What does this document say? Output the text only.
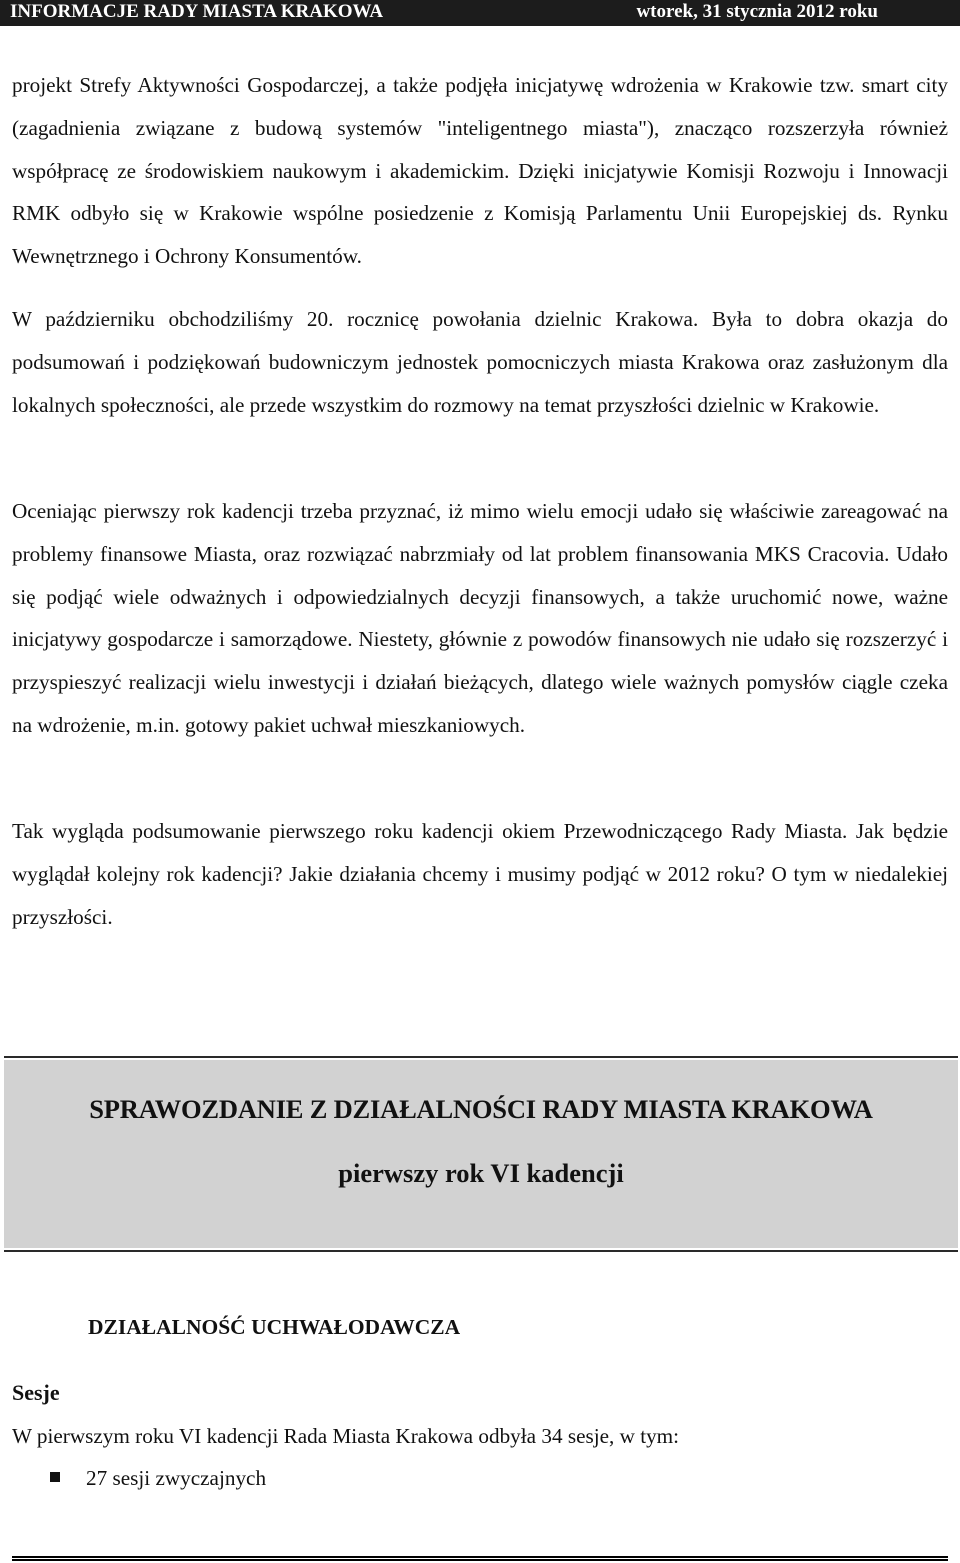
INFORMACJE RADY MIASTA KRAKOWA	wtorek, 31 stycznia 2012 roku

projekt Strefy Aktywności Gospodarczej, a także podjęła inicjatywę wdrożenia w Krakowie tzw. smart city (zagadnienia związane z budową systemów "inteligentnego miasta"), znacząco rozszerzyła również współpracę ze środowiskiem naukowym i akademickim. Dzięki inicjatywie Komisji Rozwoju i Innowacji RMK odbyło się w Krakowie wspólne posiedzenie z Komisją Parlamentu Unii Europejskiej ds. Rynku Wewnętrznego i Ochrony Konsumentów.

W październiku obchodziliśmy 20. rocznicę powołania dzielnic Krakowa. Była to dobra okazja do podsumowań i podziękowań budowniczym jednostek pomocniczych miasta Krakowa oraz zasłużonym dla lokalnych społeczności, ale przede wszystkim do rozmowy na temat przyszłości dzielnic w Krakowie.

Oceniając pierwszy rok kadencji trzeba przyznać, iż mimo wielu emocji udało się właściwie zareagować na problemy finansowe Miasta, oraz rozwiązać nabrzmiały od lat problem finansowania MKS Cracovia. Udało się podjąć wiele odważnych i odpowiedzialnych decyzji finansowych, a także uruchomić nowe, ważne inicjatywy gospodarcze i samorządowe. Niestety, głównie z powodów finansowych nie udało się rozszerzyć i przyspieszyć realizacji wielu inwestycji i działań bieżących, dlatego wiele ważnych pomysłów ciągle czeka na wdrożenie, m.in. gotowy pakiet uchwał mieszkaniowych.

Tak wygląda podsumowanie pierwszego roku kadencji okiem Przewodniczącego Rady Miasta. Jak będzie wyglądał kolejny rok kadencji? Jakie działania chcemy i musimy podjąć w 2012 roku? O tym w niedalekiej przyszłości.

SPRAWOZDANIE Z DZIAŁALNOŚCI RADY MIASTA KRAKOWA
pierwszy rok VI kadencji
DZIAŁALNOŚĆ UCHWAŁODAWCZA
Sesje
W pierwszym roku VI kadencji Rada Miasta Krakowa odbyła 34 sesje, w tym:
27 sesji zwyczajnych
